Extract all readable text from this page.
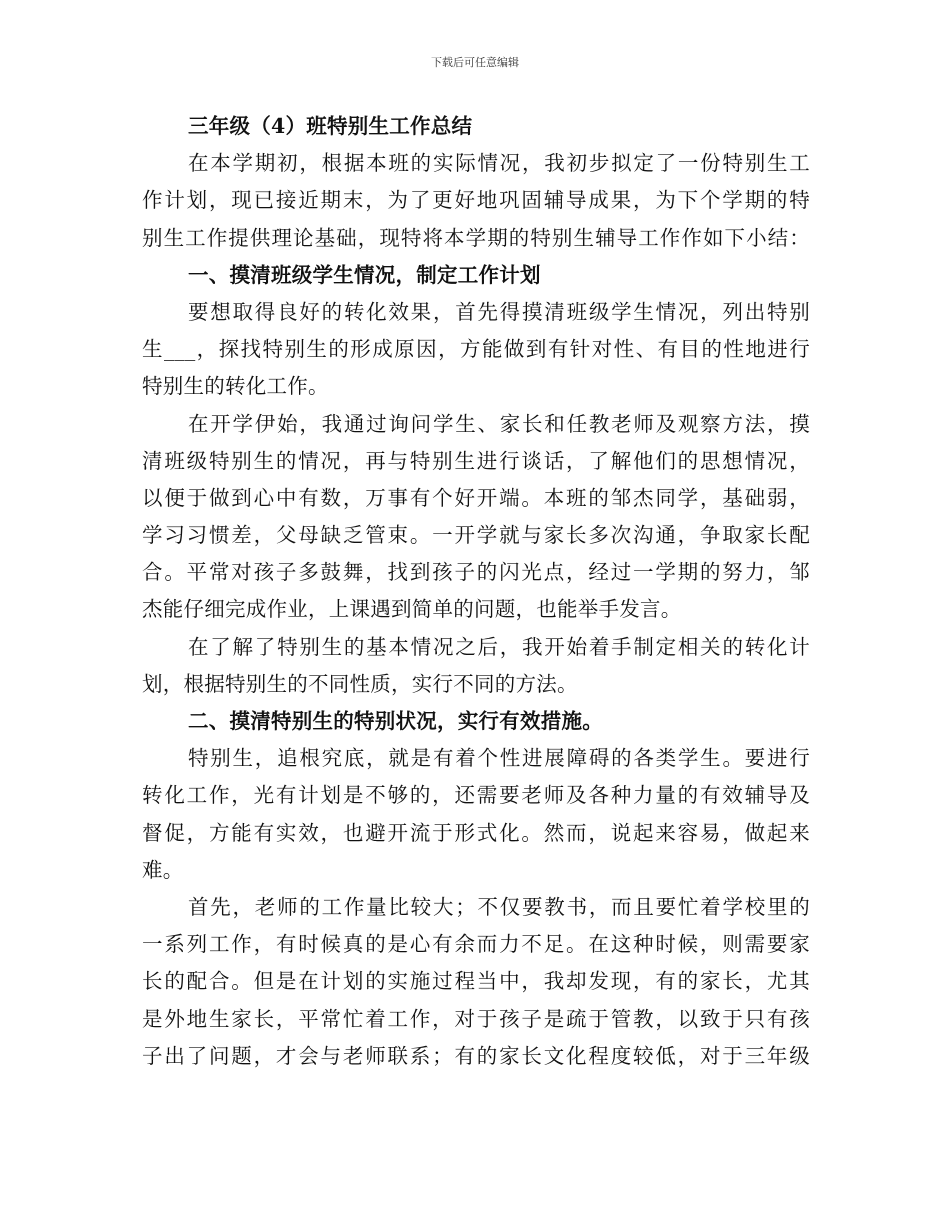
下载后可任意编辑
三年级（4）班特别生工作总结
在本学期初，根据本班的实际情况，我初步拟定了一份特别生工
作计划，现已接近期末，为了更好地巩固辅导成果，为下个学期的特
别生工作提供理论基础，现特将本学期的特别生辅导工作作如下小结：
一、摸清班级学生情况，制定工作计划
要想取得良好的转化效果，首先得摸清班级学生情况，列出特别
生___，探找特别生的形成原因，方能做到有针对性、有目的性地进行
特别生的转化工作。
在开学伊始，我通过询问学生、家长和任教老师及观察方法，摸
清班级特别生的情况，再与特别生进行谈话，了解他们的思想情况，
以便于做到心中有数，万事有个好开端。本班的邹杰同学，基础弱，
学习习惯差，父母缺乏管束。一开学就与家长多次沟通，争取家长配
合。平常对孩子多鼓舞，找到孩子的闪光点，经过一学期的努力，邹
杰能仔细完成作业，上课遇到简单的问题，也能举手发言。
在了解了特别生的基本情况之后，我开始着手制定相关的转化计
划，根据特别生的不同性质，实行不同的方法。
二、摸清特别生的特别状况，实行有效措施。
特别生，追根究底，就是有着个性进展障碍的各类学生。要进行
转化工作，光有计划是不够的，还需要老师及各种力量的有效辅导及
督促，方能有实效，也避开流于形式化。然而，说起来容易，做起来
难。
首先，老师的工作量比较大；不仅要教书，而且要忙着学校里的
一系列工作，有时候真的是心有余而力不足。在这种时候，则需要家
长的配合。但是在计划的实施过程当中，我却发现，有的家长，尤其
是外地生家长，平常忙着工作，对于孩子是疏于管教，以致于只有孩
子出了问题，才会与老师联系；有的家长文化程度较低，对于三年级
